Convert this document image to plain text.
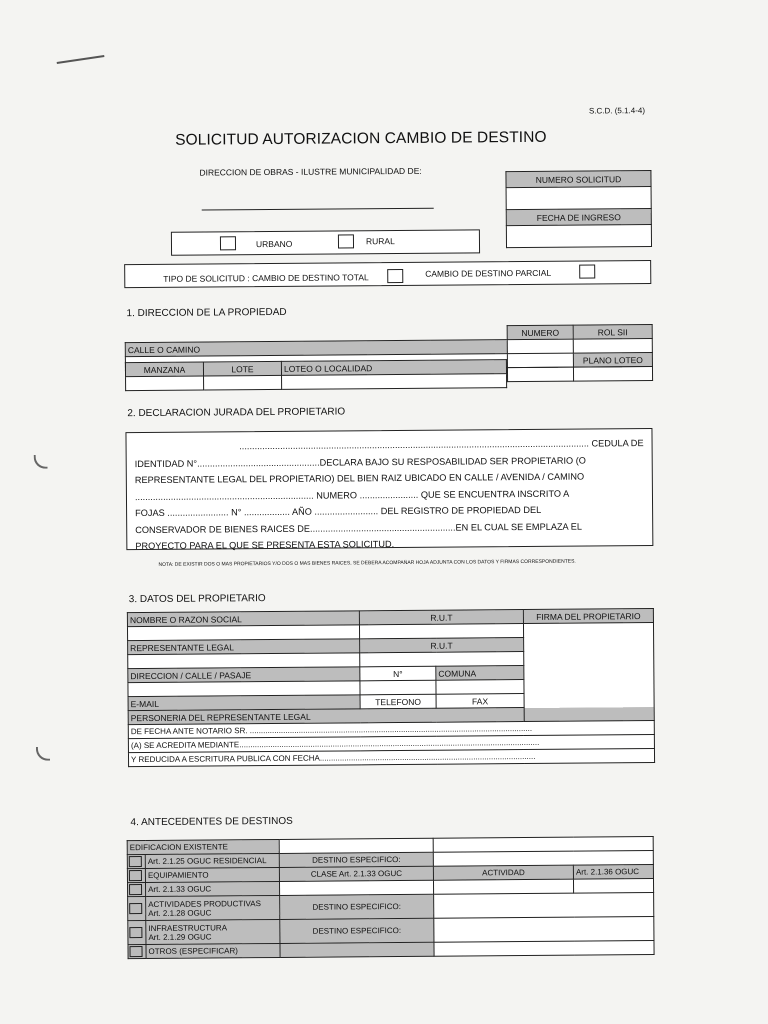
S.C.D. (5.1.4-4)
SOLICITUD AUTORIZACION CAMBIO DE DESTINO
DIRECCION DE OBRAS - ILUSTRE MUNICIPALIDAD DE:
NUMERO SOLICITUD

FECHA DE INGRESO

URBANO	RURAL
TIPO DE SOLICITUD : CAMBIO DE DESTINO TOTAL	CAMBIO DE DESTINO PARCIAL
1. DIRECCION DE LA PROPIEDAD
	NUMERO	ROL SII
CALLE O CAMINO		
		PLANO LOTEO
MANZANA	LOTE	LOTEO O LOCALIDAD

2. DECLARACION JURADA DEL PROPIETARIO
......................................................................................................................................... CEDULA DE
IDENTIDAD N°................................................DECLARA BAJO SU RESPOSABILIDAD SER PROPIETARIO (O
REPRESENTANTE LEGAL DEL PROPIETARIO) DEL BIEN RAIZ UBICADO EN CALLE / AVENIDA / CAMINO
...................................................................... NUMERO ....................... QUE SE ENCUENTRA INSCRITO A
FOJAS ........................ N° .................. AÑO ......................... DEL REGISTRO DE PROPIEDAD DEL
CONSERVADOR DE BIENES RAICES DE.........................................................EN EL CUAL SE EMPLAZA EL
PROYECTO PARA EL QUE SE PRESENTA ESTA SOLICITUD.
NOTA: DE EXISTIR DOS O MAS PROPIETARIOS Y/O DOS O MAS BIENES RAICES, SE DEBERA ACOMPAÑAR HOJA ADJUNTA CON LOS DATOS Y FIRMAS CORRESPONDIENTES.
3. DATOS DEL PROPIETARIO
NOMBRE O RAZON SOCIAL	R.U.T		FIRMA DEL PROPIETARIO

REPRESENTANTE LEGAL	R.U.T		

DIRECCION / CALLE / PASAJE	N°	COMUNA	

E-MAIL	TELEFONO	FAX	
PERSONERIA DEL REPRESENTANTE LEGAL			
DE FECHA ANTE NOTARIO SR. ...............................................................................................................................			
(A) SE ACREDITA MEDIANTE.......................................................................................................................................			
Y REDUCIDA A ESCRITURA PUBLICA CON FECHA.................................................................................................			
4. ANTECEDENTES DE DESTINOS
EDIFICACION EXISTENTE				
	Art. 2.1.25 OGUC RESIDENCIAL	DESTINO ESPECIFICO:		
	EQUIPAMIENTO	CLASE Art. 2.1.33 OGUC	ACTIVIDAD	Art. 2.1.36 OGUC
	Art. 2.1.33 OGUC			

	ACTIVIDADES PRODUCTIVAS
Art. 2.1.28 OGUC	DESTINO ESPECIFICO:		

	INFRAESTRUCTURA
Art. 2.1.29 OGUC	DESTINO ESPECIFICO:		
	OTROS (ESPECIFICAR)			
